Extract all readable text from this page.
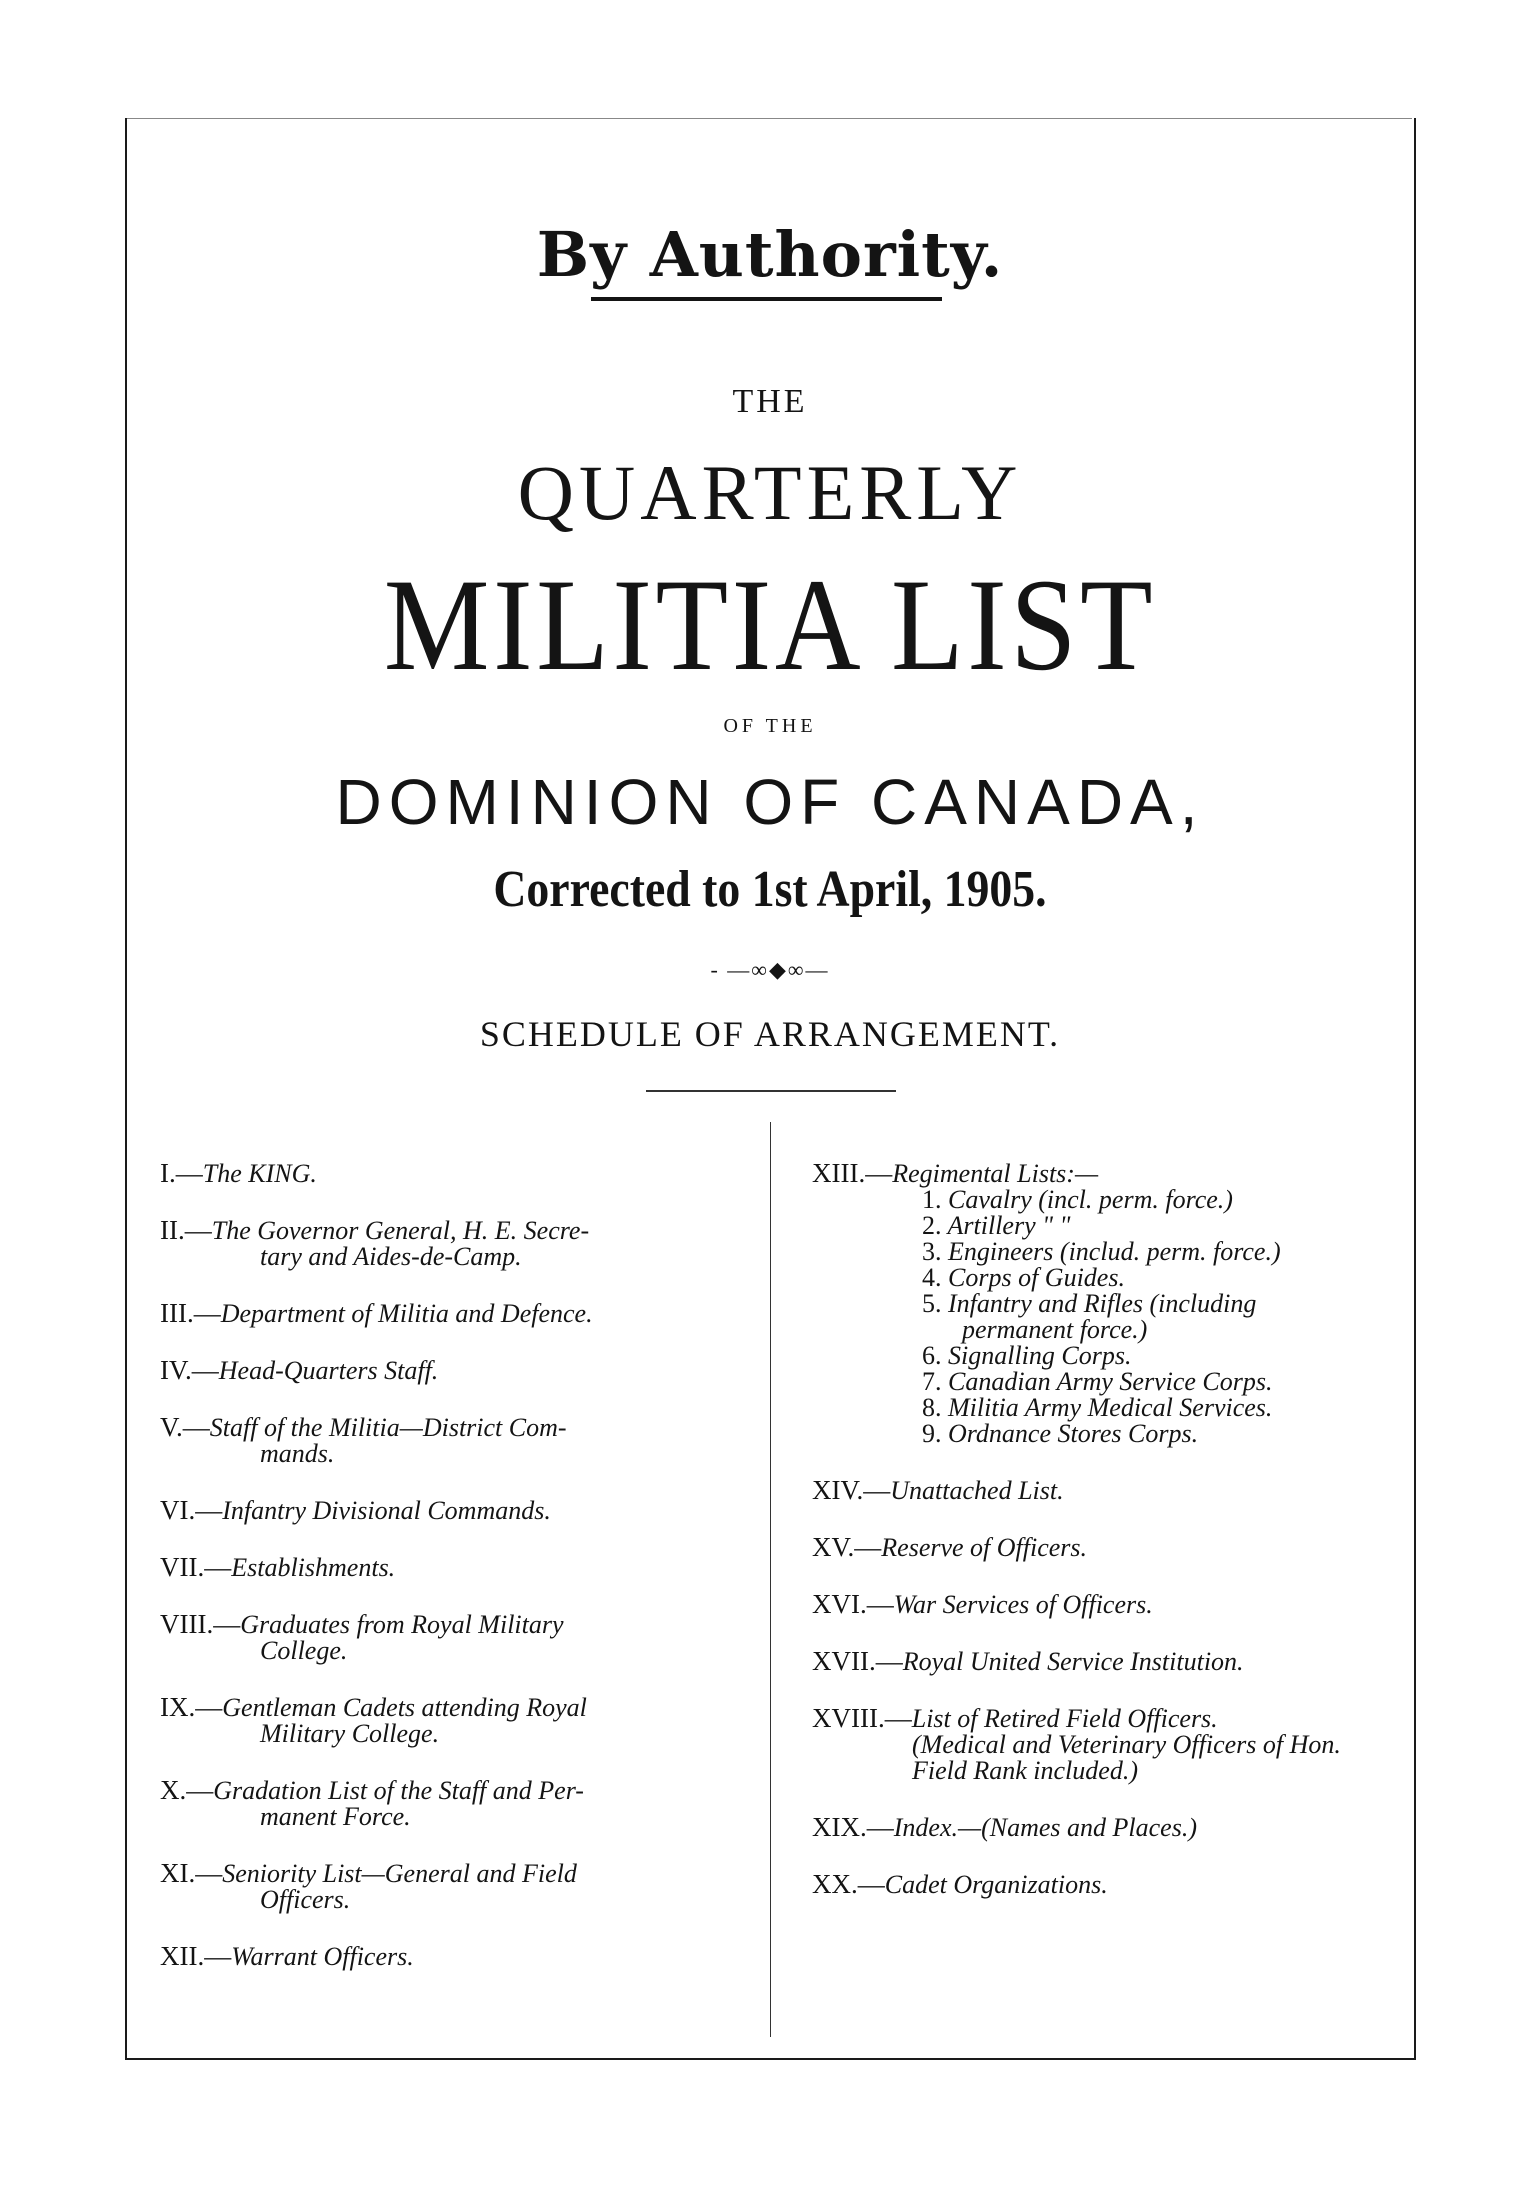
By Authority.
THE
QUARTERLY
MILITIA LIST
OF THE
DOMINION OF CANADA,
Corrected to 1st April, 1905.
- —∞◆∞—
SCHEDULE OF ARRANGEMENT.
I.—The KING.
II.—The Governor General, H. E. Secre-
tary and Aides-de-Camp.
III.—Department of Militia and Defence.
IV.—Head-Quarters Staff.
V.—Staff of the Militia—District Com-
mands.
VI.—Infantry Divisional Commands.
VII.—Establishments.
VIII.—Graduates from Royal Military
College.
IX.—Gentleman Cadets attending Royal
Military College.
X.—Gradation List of the Staff and Per-
manent Force.
XI.—Seniority List—General and Field
Officers.
XII.—Warrant Officers.
XIII.—Regimental Lists:—
1. Cavalry (incl. perm. force.)
2. Artillery " "
3. Engineers (includ. perm. force.)
4. Corps of Guides.
5. Infantry and Rifles (including
permanent force.)
6. Signalling Corps.
7. Canadian Army Service Corps.
8. Militia Army Medical Services.
9. Ordnance Stores Corps.
XIV.—Unattached List.
XV.—Reserve of Officers.
XVI.—War Services of Officers.
XVII.—Royal United Service Institution.
XVIII.—List of Retired Field Officers.
(Medical and Veterinary Officers of Hon.
Field Rank included.)
XIX.—Index.—(Names and Places.)
XX.—Cadet Organizations.
